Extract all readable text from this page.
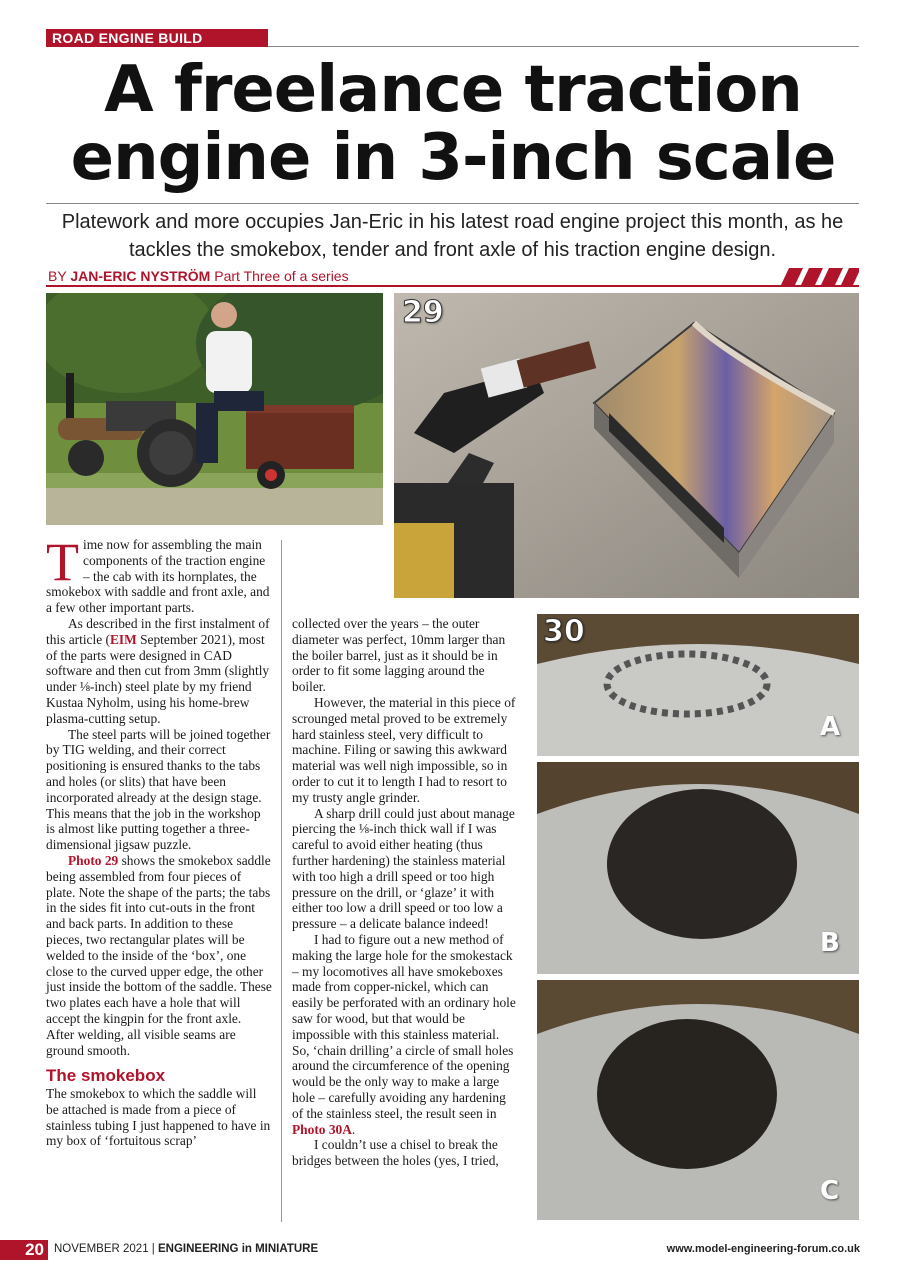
ROAD ENGINE BUILD
A freelance traction
engine in 3-inch scale
Platework and more occupies Jan-Eric in his latest road engine project this month, as he tackles the smokebox, tender and front axle of his traction engine design.
BY JAN-ERIC NYSTRÖM Part Three of a series
29
30
A
B
C

Time now for assembling the main components of the traction engine – the cab with its hornplates, the smokebox with saddle and front axle, and a few other important parts.

As described in the first instalment of this article (EIM September 2021), most of the parts were designed in CAD software and then cut from 3mm (slightly under ⅛-inch) steel plate by my friend Kustaa Nyholm, using his home-brew plasma-cutting setup.

The steel parts will be joined together by TIG welding, and their correct positioning is ensured thanks to the tabs and holes (or slits) that have been incorporated already at the design stage. This means that the job in the workshop is almost like putting together a three-dimensional jigsaw puzzle.

Photo 29 shows the smokebox saddle being assembled from four pieces of plate. Note the shape of the parts; the tabs in the sides fit into cut-outs in the front and back parts. In addition to these pieces, two rectangular plates will be welded to the inside of the ‘box’, one close to the curved upper edge, the other just inside the bottom of the saddle. These two plates each have a hole that will accept the kingpin for the front axle. After welding, all visible seams are ground smooth.

The smokebox

The smokebox to which the saddle will be attached is made from a piece of stainless tubing I just happened to have in my box of ‘fortuitous scrap’

collected over the years – the outer diameter was perfect, 10mm larger than the boiler barrel, just as it should be in order to fit some lagging around the boiler.

However, the material in this piece of scrounged metal proved to be extremely hard stainless steel, very difficult to machine. Filing or sawing this awkward material was well nigh impossible, so in order to cut it to length I had to resort to my trusty angle grinder.

A sharp drill could just about manage piercing the ⅛-inch thick wall if I was careful to avoid either heating (thus further hardening) the stainless material with too high a drill speed or too high pressure on the drill, or ‘glaze’ it with either too low a drill speed or too low a pressure – a delicate balance indeed!

I had to figure out a new method of making the large hole for the smokestack – my locomotives all have smokeboxes made from copper-nickel, which can easily be perforated with an ordinary hole saw for wood, but that would be impossible with this stainless material. So, ‘chain drilling’ a circle of small holes around the circumference of the opening would be the only way to make a large hole – carefully avoiding any hardening of the stainless steel, the result seen in Photo 30A.

I couldn’t use a chisel to break the bridges between the holes (yes, I tried,

20 NOVEMBER 2021 | ENGINEERING in MINIATURE	www.model-engineering-forum.co.uk
